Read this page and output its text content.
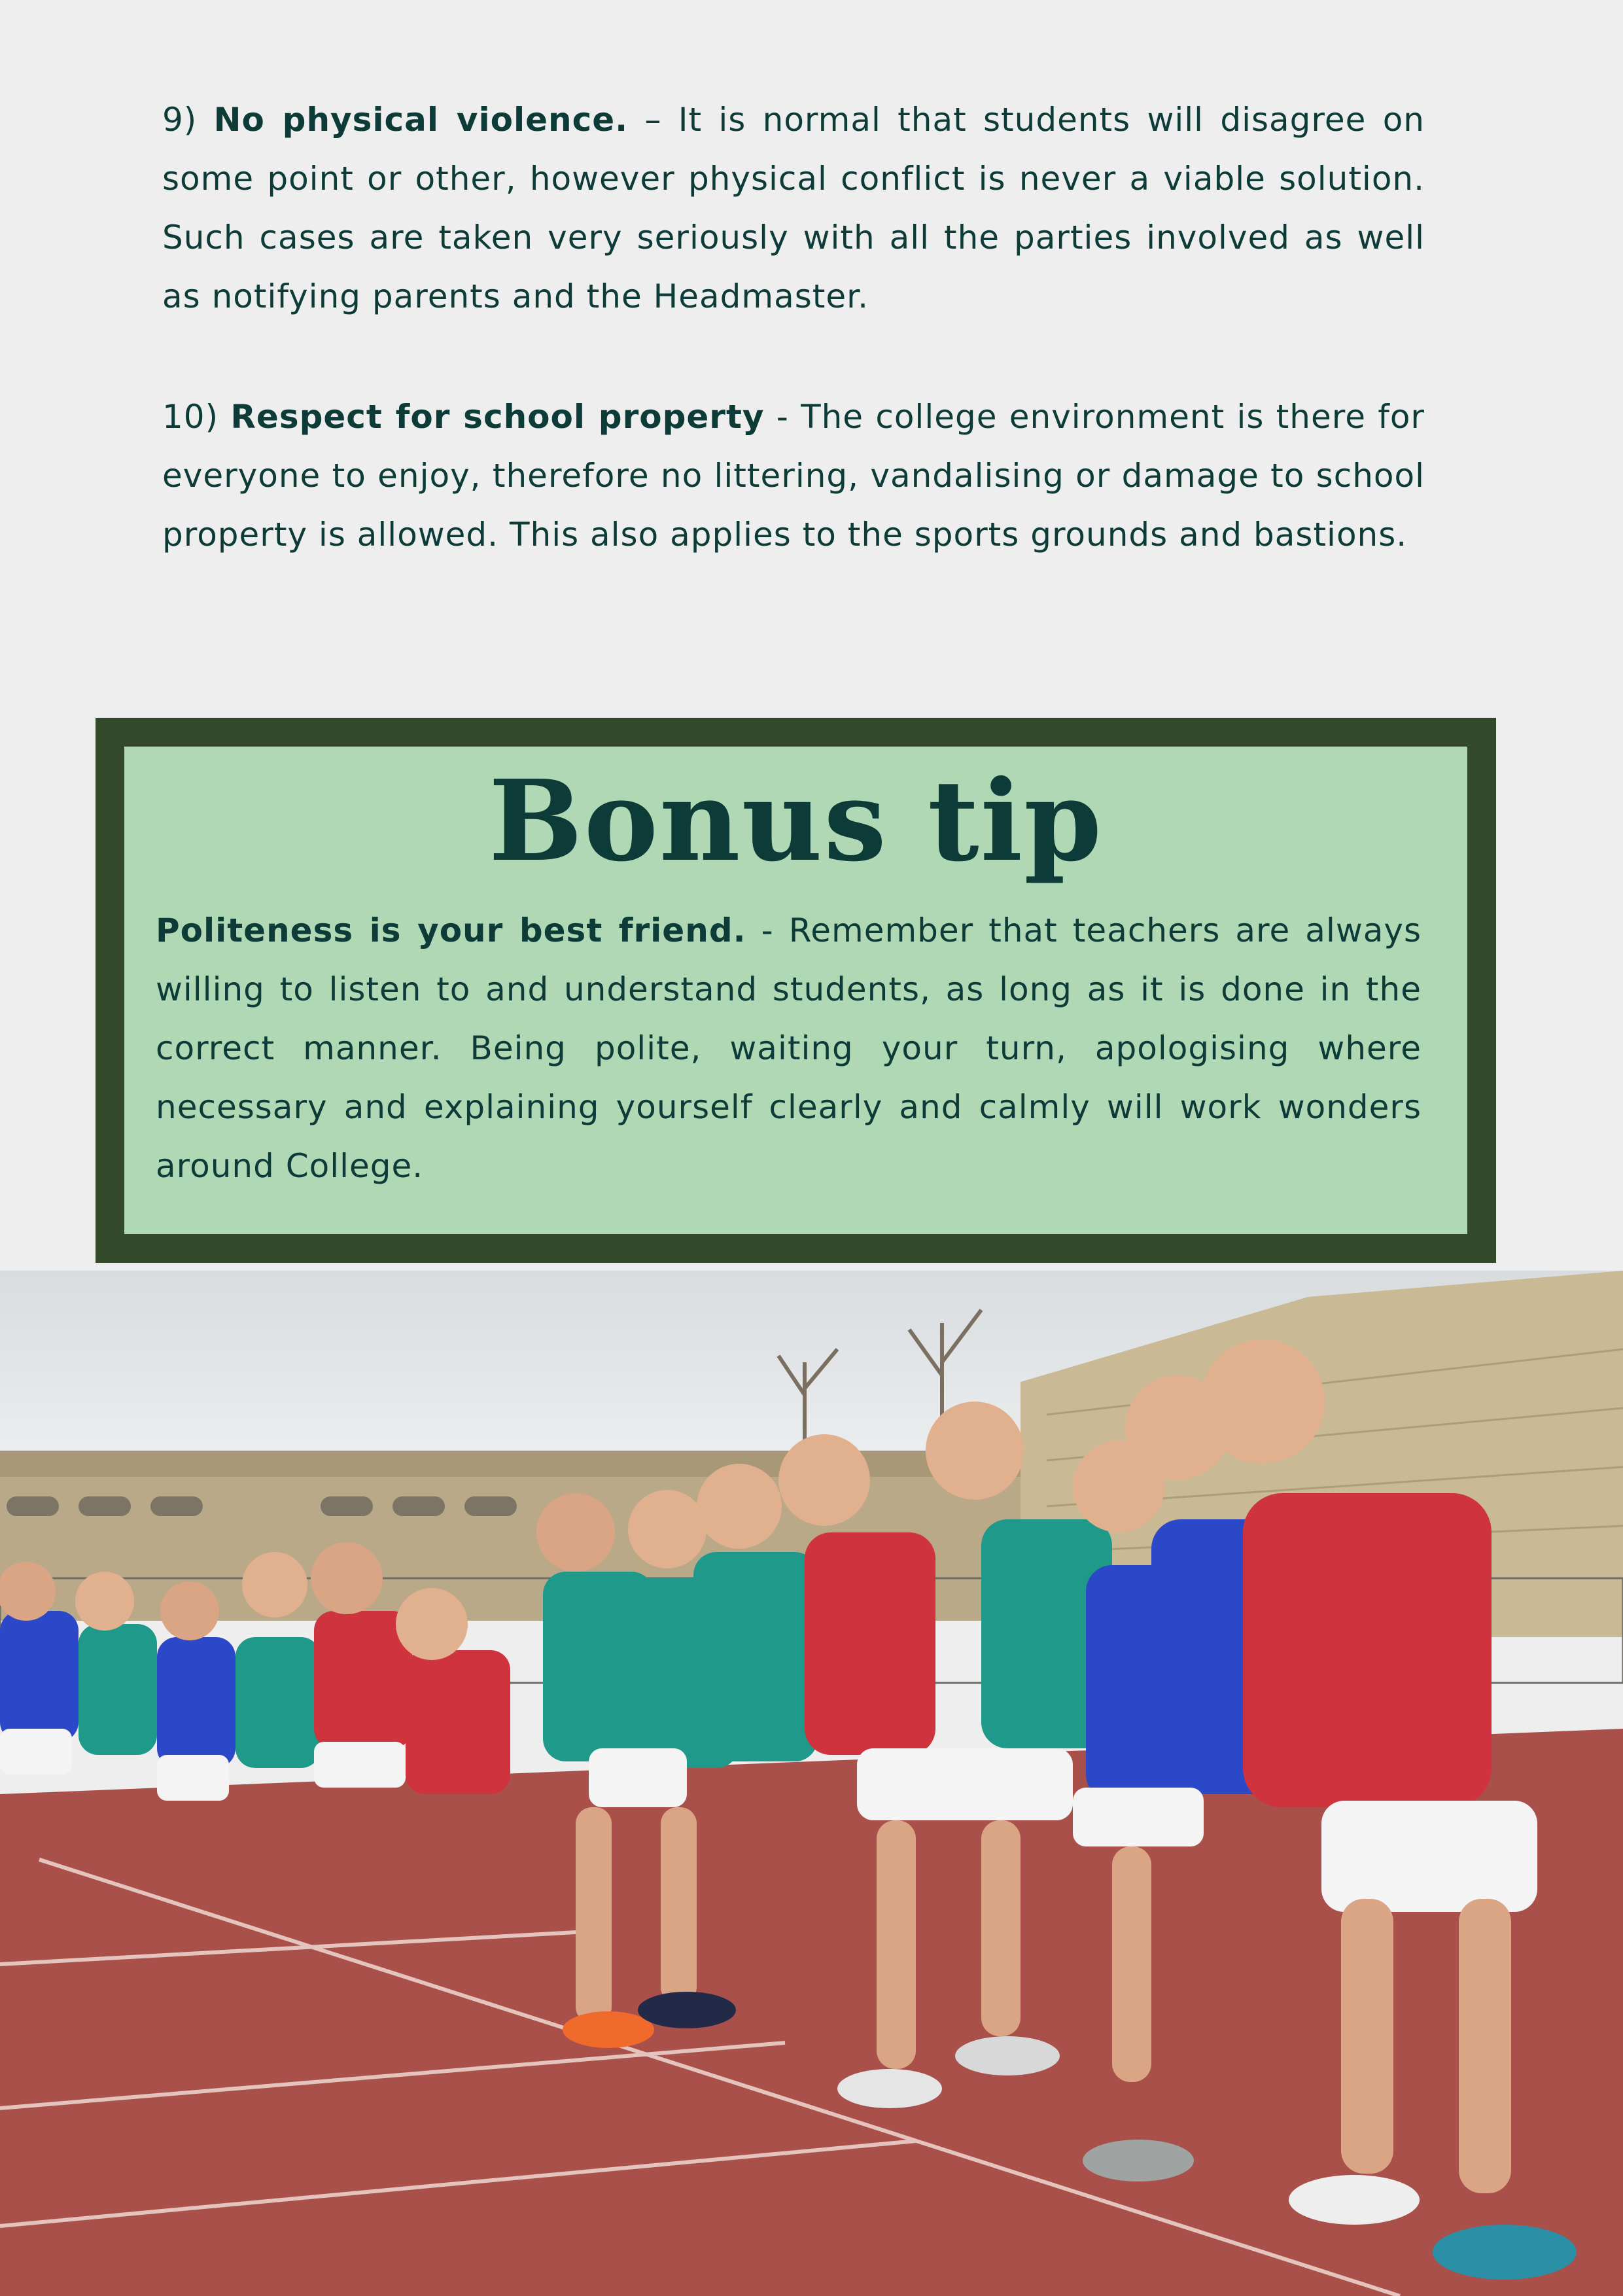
9) No physical violence. – It is normal that students will disagree on some point or other, however physical conflict is never a viable solution. Such cases are taken very seriously with all the parties involved as well as notifying parents and the Headmaster.

10) Respect for school property - The college environment is there for everyone to enjoy, therefore no littering, vandalising or damage to school property is allowed. This also applies to the sports grounds and bastions.

Bonus tip

Politeness is your best friend. - Remember that teachers are always willing to listen to and understand students, as long as it is done in the correct manner. Being polite, waiting your turn, apologising where necessary and explaining yourself clearly and calmly will work wonders around College.
